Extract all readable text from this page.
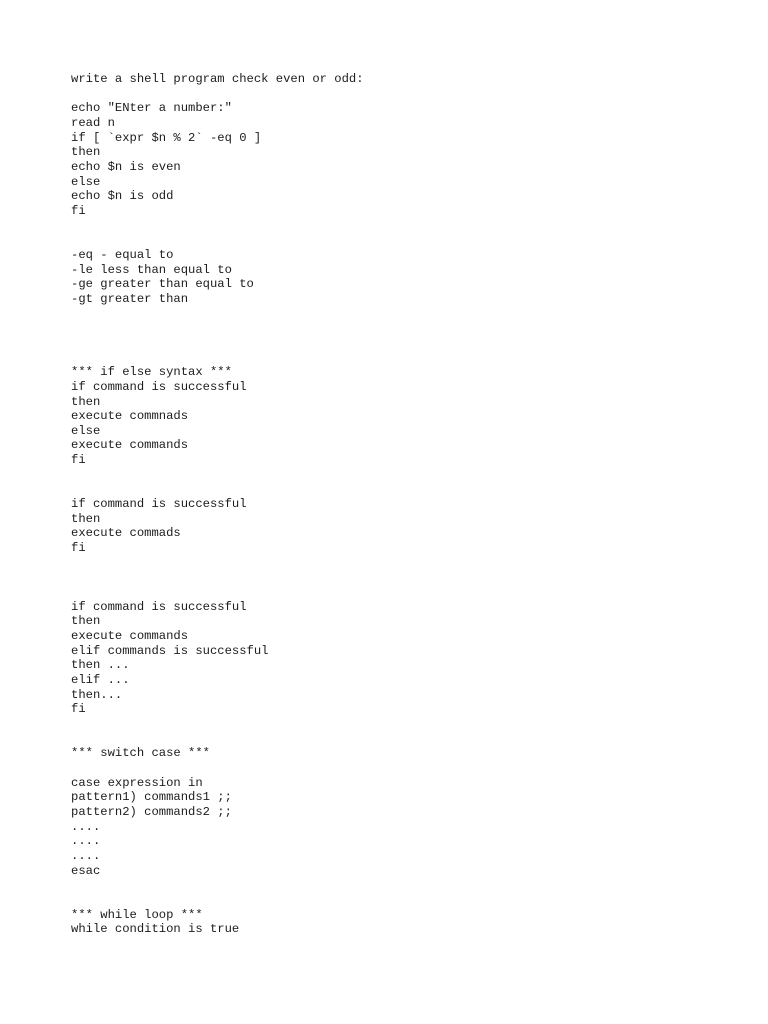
write a shell program check even or odd:
echo "ENter a number:"
read n
if [ `expr $n % 2` -eq 0 ]
then
echo $n is even
else
echo $n is odd
fi
-eq - equal to
-le less than equal to
-ge greater than equal to
-gt greater than
*** if else syntax ***
if command is successful
then
execute commnads
else
execute commands
fi
if command is successful
then
execute commads
fi
if command is successful
then
execute commands
elif commands is successful
then ...
elif ...
then...
fi
*** switch case ***
case expression in
pattern1) commands1 ;;
pattern2) commands2 ;;
....
....
....
esac
*** while loop ***
while condition is true
